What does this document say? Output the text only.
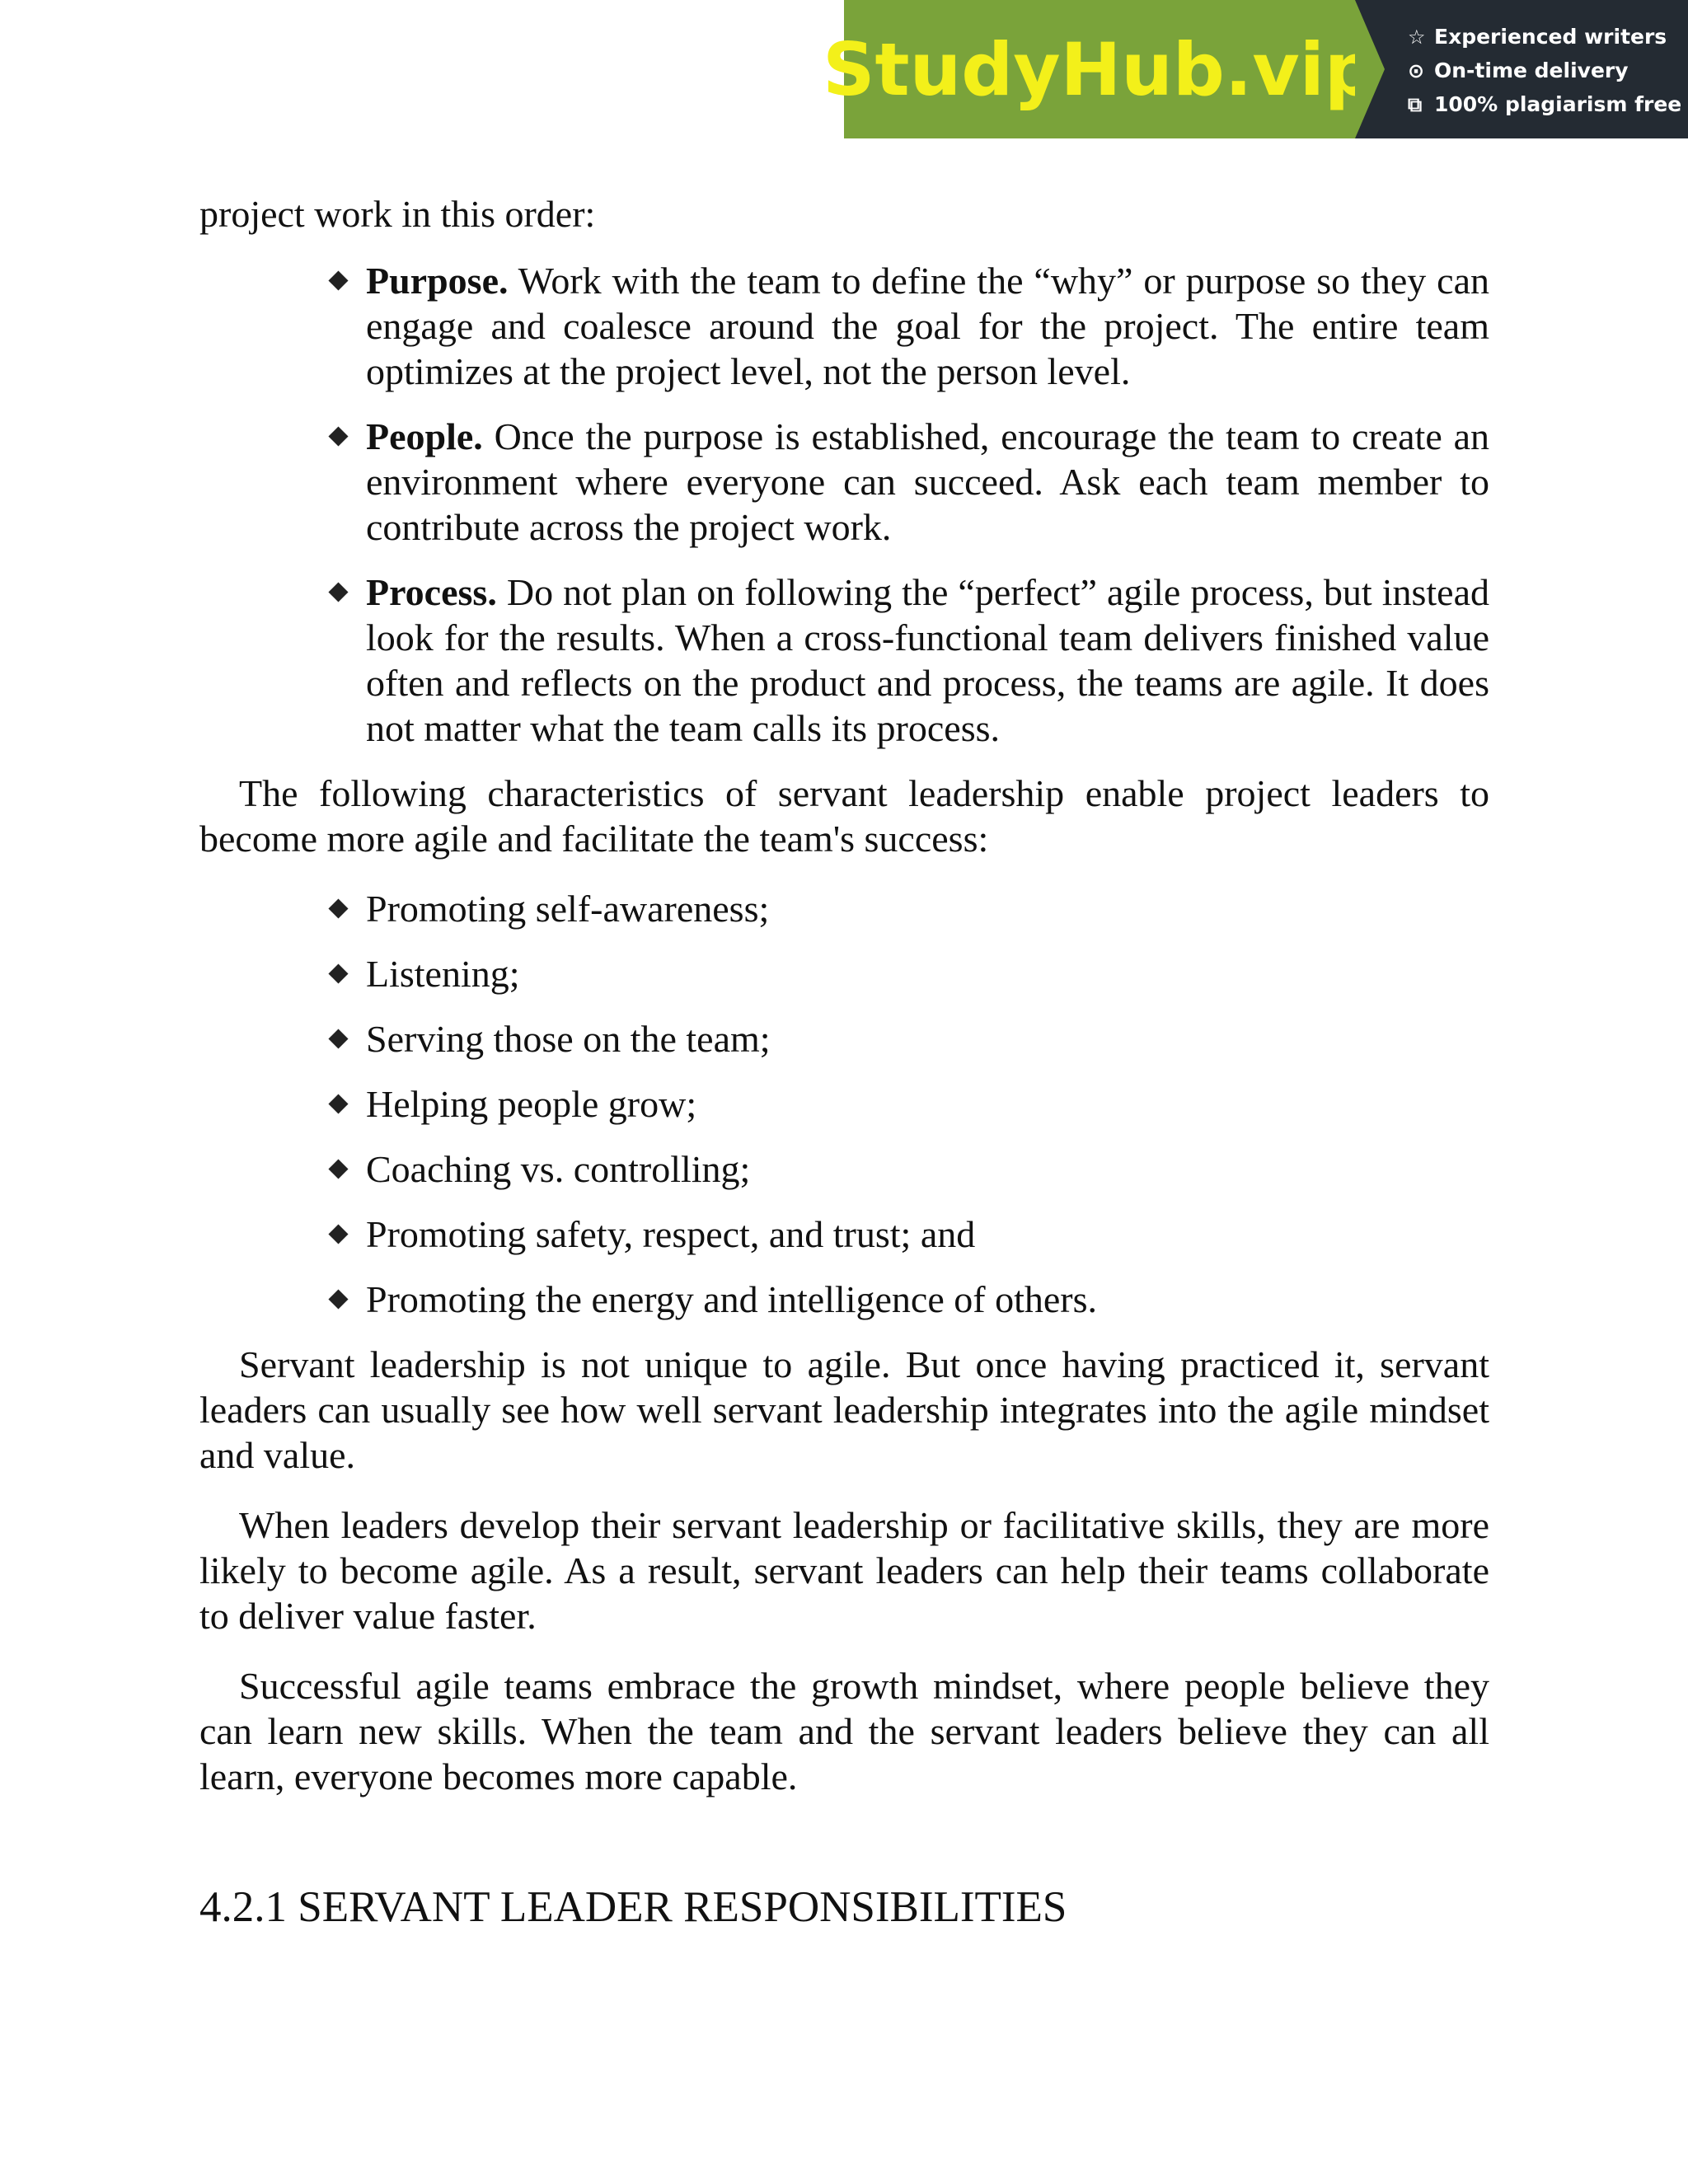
StudyHub.vip ☆ Experienced writers
⊙ On-time delivery
⧉ 100% plagiarism free

project work in this order:

Purpose. Work with the team to define the “why” or purpose so they can engage and coalesce around the goal for the project. The entire team optimizes at the project level, not the person level.
People. Once the purpose is established, encourage the team to create an environment where everyone can succeed. Ask each team member to contribute across the project work.
Process. Do not plan on following the “perfect” agile process, but instead look for the results. When a cross-functional team delivers finished value often and reflects on the product and process, the teams are agile. It does not matter what the team calls its process.

The following characteristics of servant leadership enable project leaders to become more agile and facilitate the team's success:

Promoting self-awareness;
Listening;
Serving those on the team;
Helping people grow;
Coaching vs. controlling;
Promoting safety, respect, and trust; and
Promoting the energy and intelligence of others.

Servant leadership is not unique to agile. But once having practiced it, servant leaders can usually see how well servant leadership integrates into the agile mindset and value.

When leaders develop their servant leadership or facilitative skills, they are more likely to become agile. As a result, servant leaders can help their teams collaborate to deliver value faster.

Successful agile teams embrace the growth mindset, where people believe they can learn new skills. When the team and the servant leaders believe they can all learn, everyone becomes more capable.

4.2.1 SERVANT LEADER RESPONSIBILITIES
